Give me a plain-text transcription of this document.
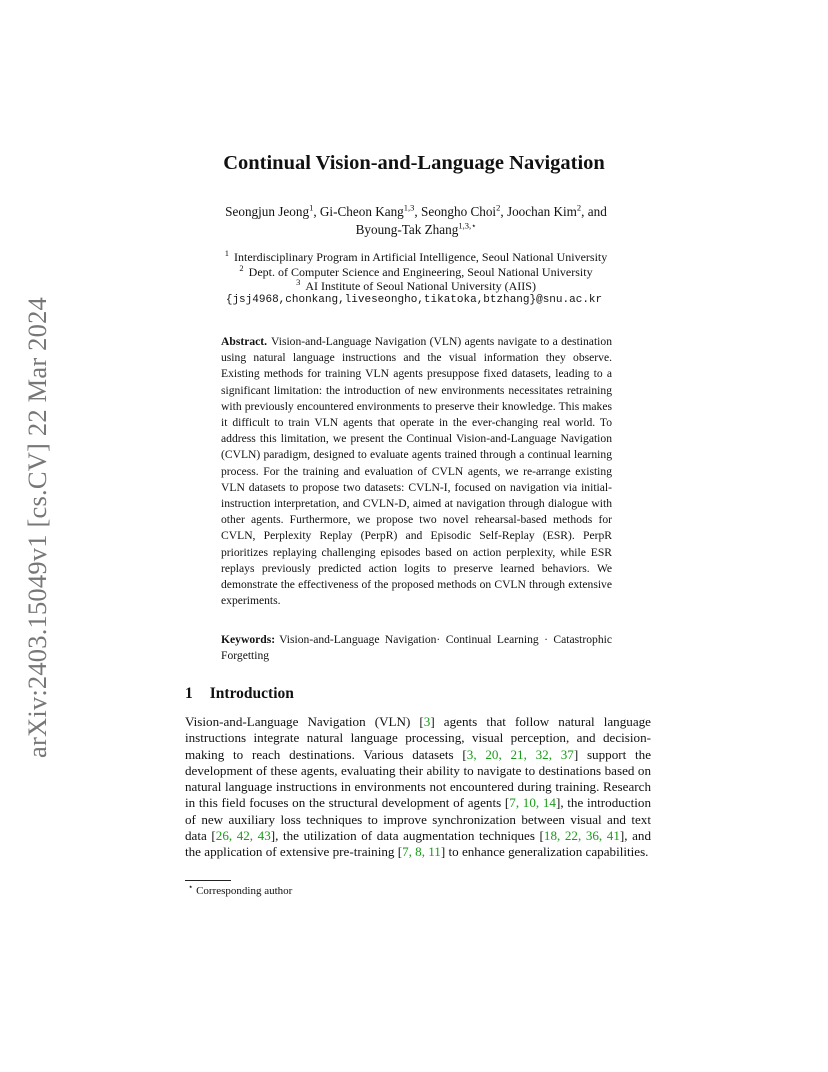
arXiv:2403.15049v1 [cs.CV] 22 Mar 2024
Continual Vision-and-Language Navigation
Seongjun Jeong$^1$, Gi-Cheon Kang$^{1,3}$, Seongho Choi$^2$, Joochan Kim$^2$, and
Byoung-Tak Zhang$^{1,3,⋆}$
$^1$ Interdisciplinary Program in Artificial Intelligence, Seoul National University
$^2$ Dept. of Computer Science and Engineering, Seoul National University
$^3$ AI Institute of Seoul National University (AIIS)
{jsj4968,chonkang,liveseongho,tikatoka,btzhang}@snu.ac.kr
Abstract. Vision-and-Language Navigation (VLN) agents navigate to a destination using natural language instructions and the visual information they observe. Existing methods for training VLN agents presuppose fixed datasets, leading to a significant limitation: the introduction of new environments necessitates retraining with previously encountered environments to preserve their knowledge. This makes it difficult to train VLN agents that operate in the ever-changing real world. To address this limitation, we present the Continual Vision-and-Language Navigation (CVLN) paradigm, designed to evaluate agents trained through a continual learning process. For the training and evaluation of CVLN agents, we re-arrange existing VLN datasets to propose two datasets: CVLN-I, focused on navigation via initial-instruction interpretation, and CVLN-D, aimed at navigation through dialogue with other agents. Furthermore, we propose two novel rehearsal-based methods for CVLN, Perplexity Replay (PerpR) and Episodic Self-Replay (ESR). PerpR prioritizes replaying challenging episodes based on action perplexity, while ESR replays previously predicted action logits to preserve learned behaviors. We demonstrate the effectiveness of the proposed methods on CVLN through extensive experiments.
Keywords: Vision-and-Language Navigation· Continual Learning · Catastrophic Forgetting
1 Introduction
Vision-and-Language Navigation (VLN) [3] agents that follow natural language instructions integrate natural language processing, visual perception, and decision-making to reach destinations. Various datasets [3, 20, 21, 32, 37] support the development of these agents, evaluating their ability to navigate to destinations based on natural language instructions in environments not encountered during training. Research in this field focuses on the structural development of agents [7, 10, 14], the introduction of new auxiliary loss techniques to improve synchronization between visual and text data [26, 42, 43], the utilization of data augmentation techniques [18, 22, 36, 41], and the application of extensive pre-training [7, 8, 11] to enhance generalization capabilities.
⋆ Corresponding author
